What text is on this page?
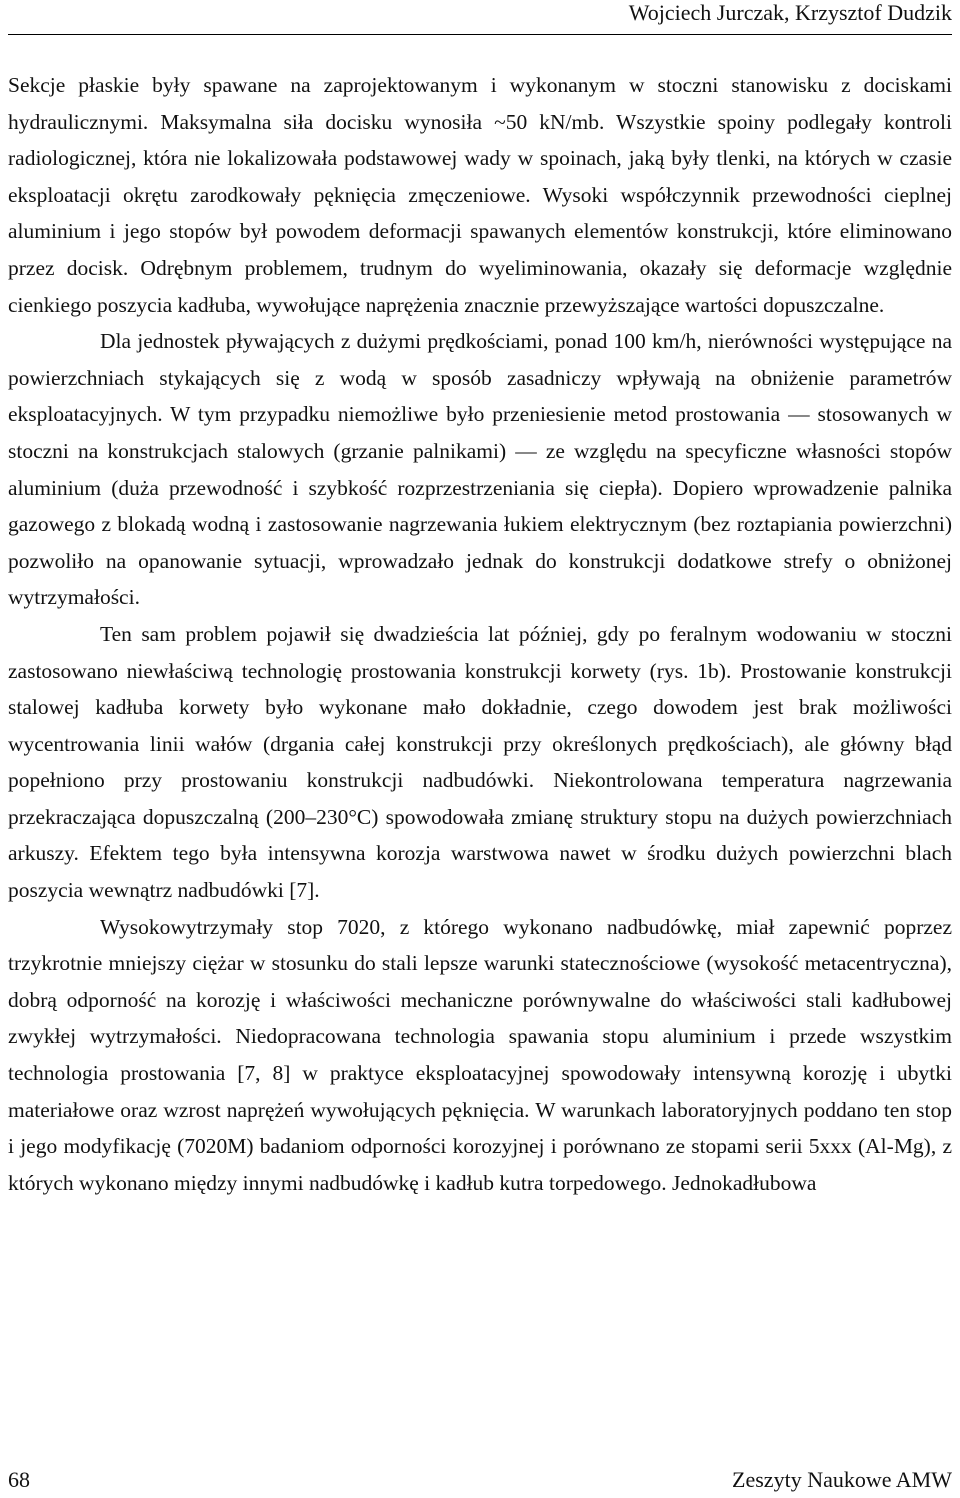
Wojciech Jurczak, Krzysztof Dudzik

Sekcje płaskie były spawane na zaprojektowanym i wykonanym w stoczni stanowisku z dociskami hydraulicznymi. Maksymalna siła docisku wynosiła ~50 kN/mb. Wszystkie spoiny podlegały kontroli radiologicznej, która nie lokalizowała podstawowej wady w spoinach, jaką były tlenki, na których w czasie eksploatacji okrętu zarodkowały pęknięcia zmęczeniowe. Wysoki współczynnik przewodności cieplnej aluminium i jego stopów był powodem deformacji spawanych elementów konstrukcji, które eliminowano przez docisk. Odrębnym problemem, trudnym do wyeliminowania, okazały się deformacje względnie cienkiego poszycia kadłuba, wywołujące naprężenia znacznie przewyższające wartości dopuszczalne.

Dla jednostek pływających z dużymi prędkościami, ponad 100 km/h, nierówności występujące na powierzchniach stykających się z wodą w sposób zasadniczy wpływają na obniżenie parametrów eksploatacyjnych. W tym przypadku niemożliwe było przeniesienie metod prostowania — stosowanych w stoczni na konstrukcjach stalowych (grzanie palnikami) — ze względu na specyficzne własności stopów aluminium (duża przewodność i szybkość rozprzestrzeniania się ciepła). Dopiero wprowadzenie palnika gazowego z blokadą wodną i zastosowanie nagrzewania łukiem elektrycznym (bez roztapiania powierzchni) pozwoliło na opanowanie sytuacji, wprowadzało jednak do konstrukcji dodatkowe strefy o obniżonej wytrzymałości.

Ten sam problem pojawił się dwadzieścia lat później, gdy po feralnym wodowaniu w stoczni zastosowano niewłaściwą technologię prostowania konstrukcji korwety (rys. 1b). Prostowanie konstrukcji stalowej kadłuba korwety było wykonane mało dokładnie, czego dowodem jest brak możliwości wycentrowania linii wałów (drgania całej konstrukcji przy określonych prędkościach), ale główny błąd popełniono przy prostowaniu konstrukcji nadbudówki. Niekontrolowana temperatura nagrzewania przekraczająca dopuszczalną (200–230°C) spowodowała zmianę struktury stopu na dużych powierzchniach arkuszy. Efektem tego była intensywna korozja warstwowa nawet w środku dużych powierzchni blach poszycia wewnątrz nadbudówki [7].

Wysokowytrzymały stop 7020, z którego wykonano nadbudówkę, miał zapewnić poprzez trzykrotnie mniejszy ciężar w stosunku do stali lepsze warunki statecznościowe (wysokość metacentryczna), dobrą odporność na korozję i właściwości mechaniczne porównywalne do właściwości stali kadłubowej zwykłej wytrzymałości. Niedopracowana technologia spawania stopu aluminium i przede wszystkim technologia prostowania [7, 8] w praktyce eksploatacyjnej spowodowały intensywną korozję i ubytki materiałowe oraz wzrost naprężeń wywołujących pęknięcia. W warunkach laboratoryjnych poddano ten stop i jego modyfikację (7020M) badaniom odporności korozyjnej i porównano ze stopami serii 5xxx (Al-Mg), z których wykonano między innymi nadbudówkę i kadłub kutra torpedowego. Jednokadłubowa

68	Zeszyty Naukowe AMW
